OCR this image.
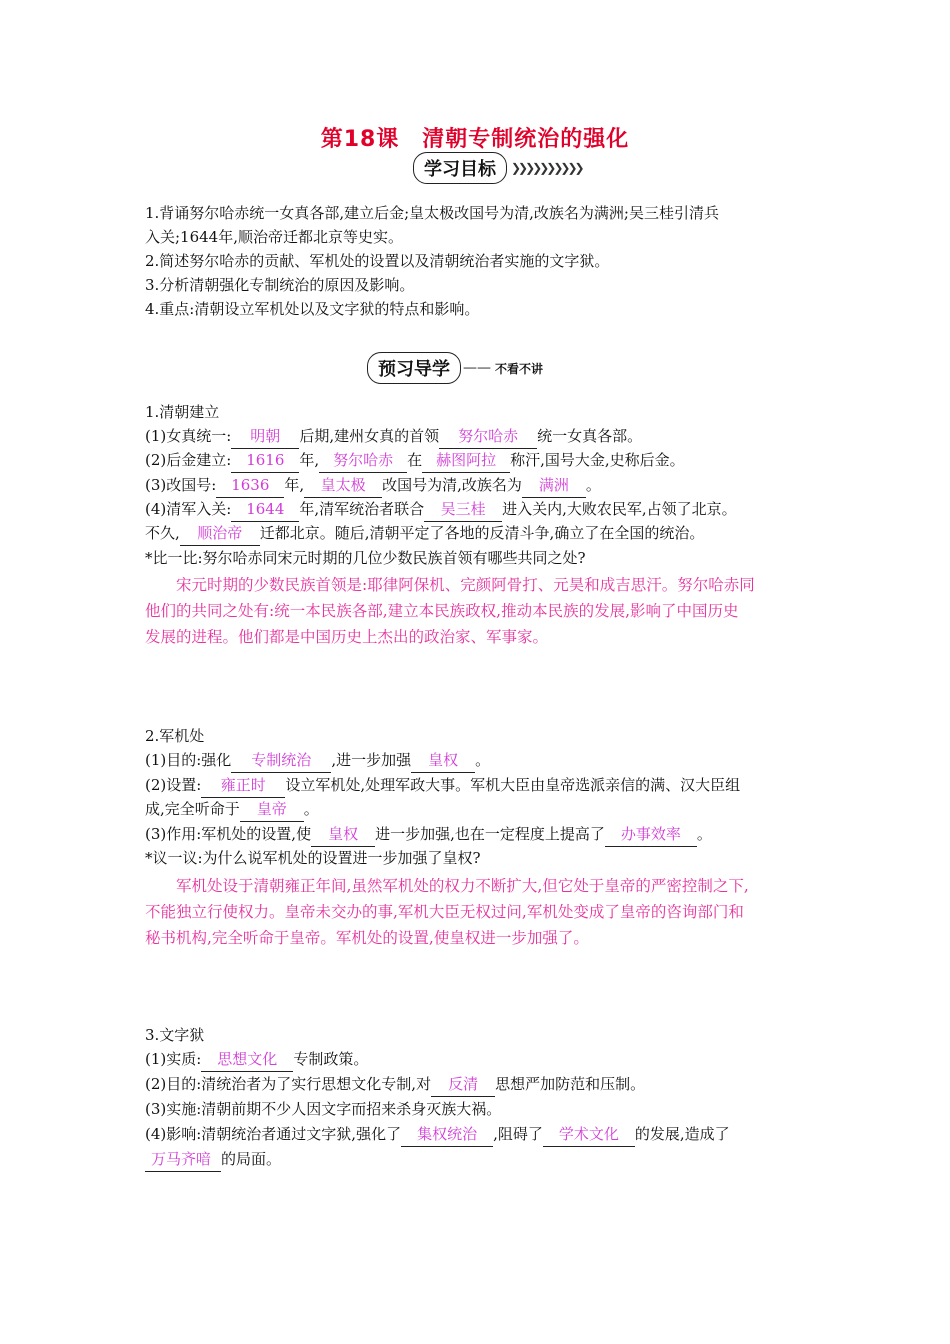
第18课　清朝专制统治的强化
学习目标	❯❯❯❯❯❯❯❯❯❯
1.背诵努尔哈赤统一女真各部,建立后金;皇太极改国号为清,改族名为满洲;吴三桂引清兵
入关;1644年,顺治帝迁都北京等史实。
2.简述努尔哈赤的贡献、军机处的设置以及清朝统治者实施的文字狱。
3.分析清朝强化专制统治的原因及影响。
4.重点:清朝设立军机处以及文字狱的特点和影响。
预习导学 —— 不看不讲
1.清朝建立
(1)女真统一: 明朝 后期,建州女真的首领 努尔哈赤 统一女真各部。
(2)后金建立: 1616 年, 努尔哈赤 在 赫图阿拉 称汗,国号大金,史称后金。
(3)改国号: 1636 年, 皇太极 改国号为清,改族名为 满洲 。
(4)清军入关: 1644 年,清军统治者联合 吴三桂 进入关内,大败农民军,占领了北京。
不久, 顺治帝 迁都北京。随后,清朝平定了各地的反清斗争,确立了在全国的统治。
*比一比:努尔哈赤同宋元时期的几位少数民族首领有哪些共同之处?
宋元时期的少数民族首领是:耶律阿保机、完颜阿骨打、元昊和成吉思汗。努尔哈赤同
他们的共同之处有:统一本民族各部,建立本民族政权,推动本民族的发展,影响了中国历史
发展的进程。他们都是中国历史上杰出的政治家、军事家。
2.军机处
(1)目的:强化 专制统治 ,进一步加强 皇权 。
(2)设置: 雍正时 设立军机处,处理军政大事。军机大臣由皇帝选派亲信的满、汉大臣组
成,完全听命于 皇帝 。
(3)作用:军机处的设置,使 皇权 进一步加强,也在一定程度上提高了 办事效率 。
*议一议:为什么说军机处的设置进一步加强了皇权?
军机处设于清朝雍正年间,虽然军机处的权力不断扩大,但它处于皇帝的严密控制之下,
不能独立行使权力。皇帝未交办的事,军机大臣无权过问,军机处变成了皇帝的咨询部门和
秘书机构,完全听命于皇帝。军机处的设置,使皇权进一步加强了。
3.文字狱
(1)实质: 思想文化 专制政策。
(2)目的:清统治者为了实行思想文化专制,对 反清 思想严加防范和压制。
(3)实施:清朝前期不少人因文字而招来杀身灭族大祸。
(4)影响:清朝统治者通过文字狱,强化了 集权统治 ,阻碍了 学术文化 的发展,造成了
万马齐喑 的局面。
